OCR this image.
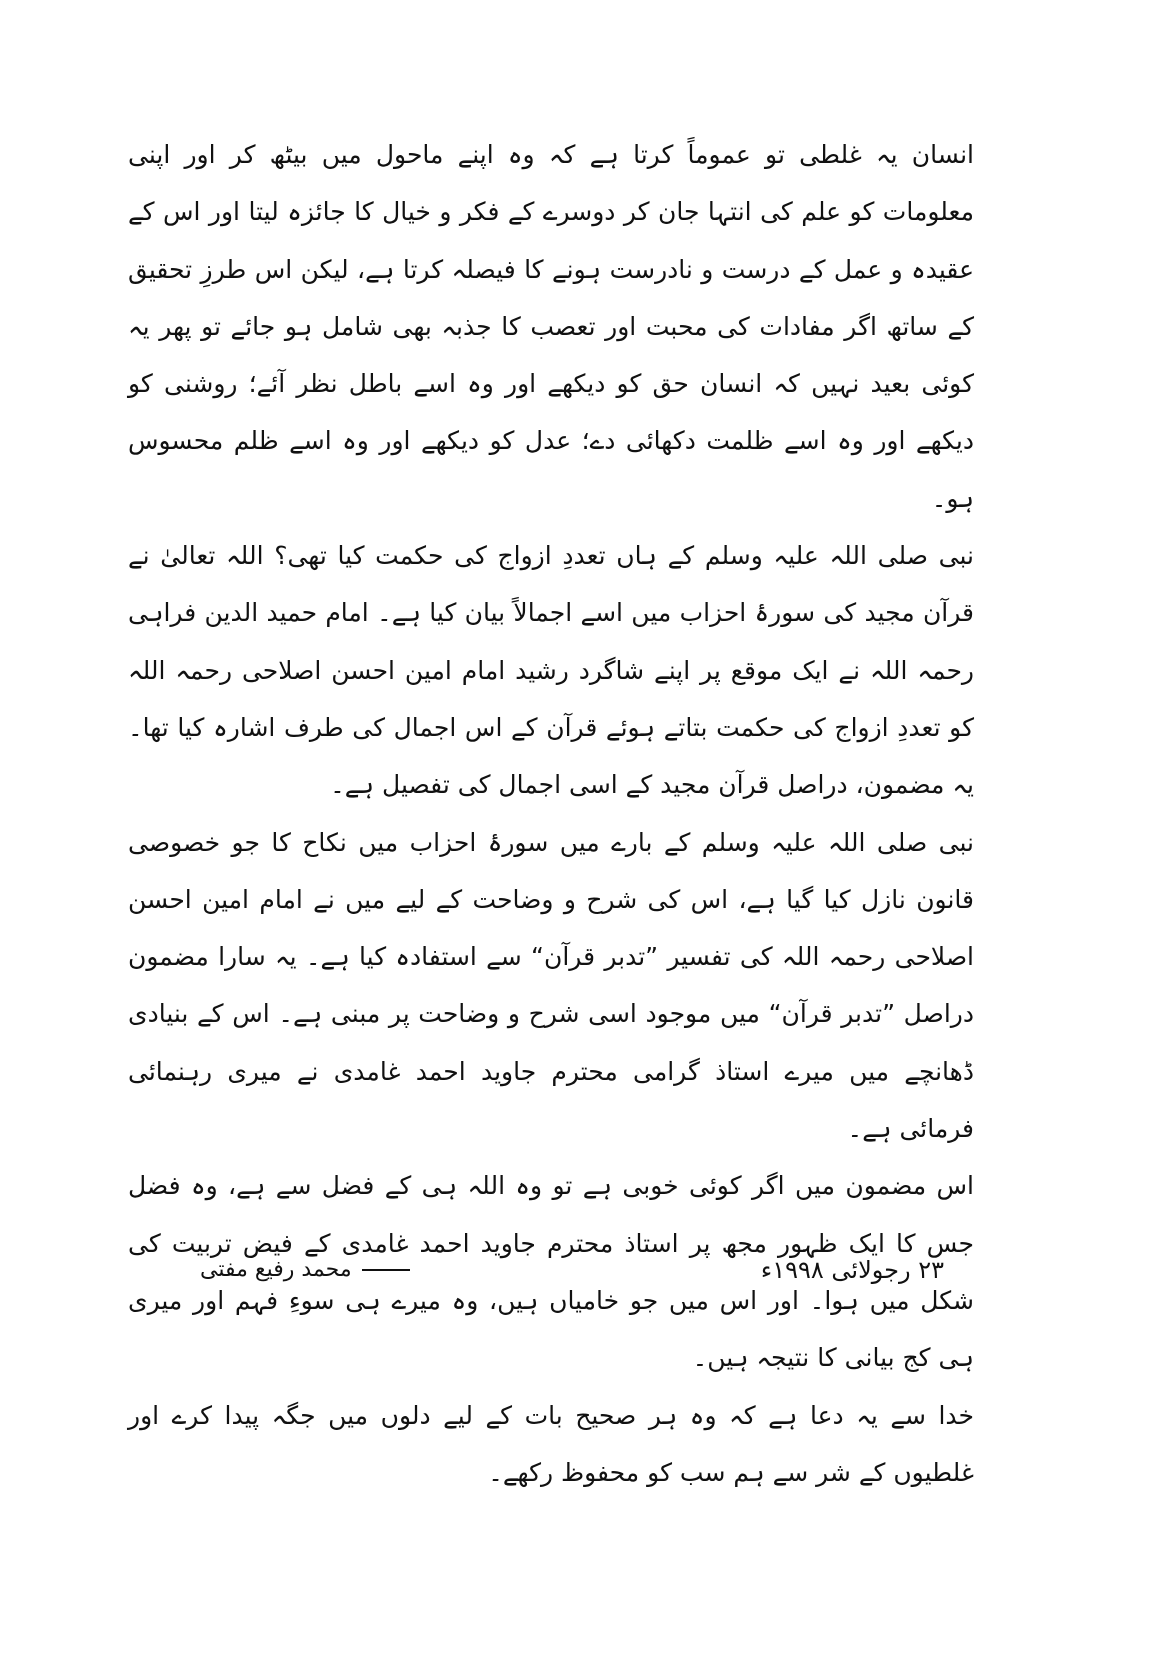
انسان یہ غلطی تو عموماً کرتا ہے کہ وہ اپنے ماحول میں بیٹھ کر اور اپنی معلومات کو علم کی انتہا جان کر دوسرے کے فکر و خیال کا جائزہ لیتا اور اس کے عقیدہ و عمل کے درست و نادرست ہونے کا فیصلہ کرتا ہے، لیکن اس طرزِ تحقیق کے ساتھ اگر مفادات کی محبت اور تعصب کا جذبہ بھی شامل ہو جائے تو پھر یہ کوئی بعید نہیں کہ انسان حق کو دیکھے اور وہ اسے باطل نظر آئے؛ روشنی کو دیکھے اور وہ اسے ظلمت دکھائی دے؛ عدل کو دیکھے اور وہ اسے ظلم محسوس ہو۔

نبی صلی اللہ علیہ وسلم کے ہاں تعددِ ازواج کی حکمت کیا تھی؟ اللہ تعالیٰ نے قرآن مجید کی سورۂ احزاب میں اسے اجمالاً بیان کیا ہے۔ امام حمید الدین فراہی رحمہ اللہ نے ایک موقع پر اپنے شاگرد رشید امام امین احسن اصلاحی رحمہ اللہ کو تعددِ ازواج کی حکمت بتاتے ہوئے قرآن کے اس اجمال کی طرف اشارہ کیا تھا۔ یہ مضمون، دراصل قرآن مجید کے اسی اجمال کی تفصیل ہے۔

نبی صلی اللہ علیہ وسلم کے بارے میں سورۂ احزاب میں نکاح کا جو خصوصی قانون نازل کیا گیا ہے، اس کی شرح و وضاحت کے لیے میں نے امام امین احسن اصلاحی رحمہ اللہ کی تفسیر ”تدبر قرآن“ سے استفادہ کیا ہے۔ یہ سارا مضمون دراصل ”تدبر قرآن“ میں موجود اسی شرح و وضاحت پر مبنی ہے۔ اس کے بنیادی ڈھانچے میں میرے استاذ گرامی محترم جاوید احمد غامدی نے میری رہنمائی فرمائی ہے۔

اس مضمون میں اگر کوئی خوبی ہے تو وہ اللہ ہی کے فضل سے ہے، وہ فضل جس کا ایک ظہور مجھ پر استاذ محترم جاوید احمد غامدی کے فیض تربیت کی شکل میں ہوا۔ اور اس میں جو خامیاں ہیں، وہ میرے ہی سوءِ فہم اور میری ہی کج بیانی کا نتیجہ ہیں۔

خدا سے یہ دعا ہے کہ وہ ہر صحیح بات کے لیے دلوں میں جگہ پیدا کرے اور غلطیوں کے شر سے ہم سب کو محفوظ رکھے۔

۲۳ رجولائی ۱۹۹۸ء
محمد رفیع مفتی
